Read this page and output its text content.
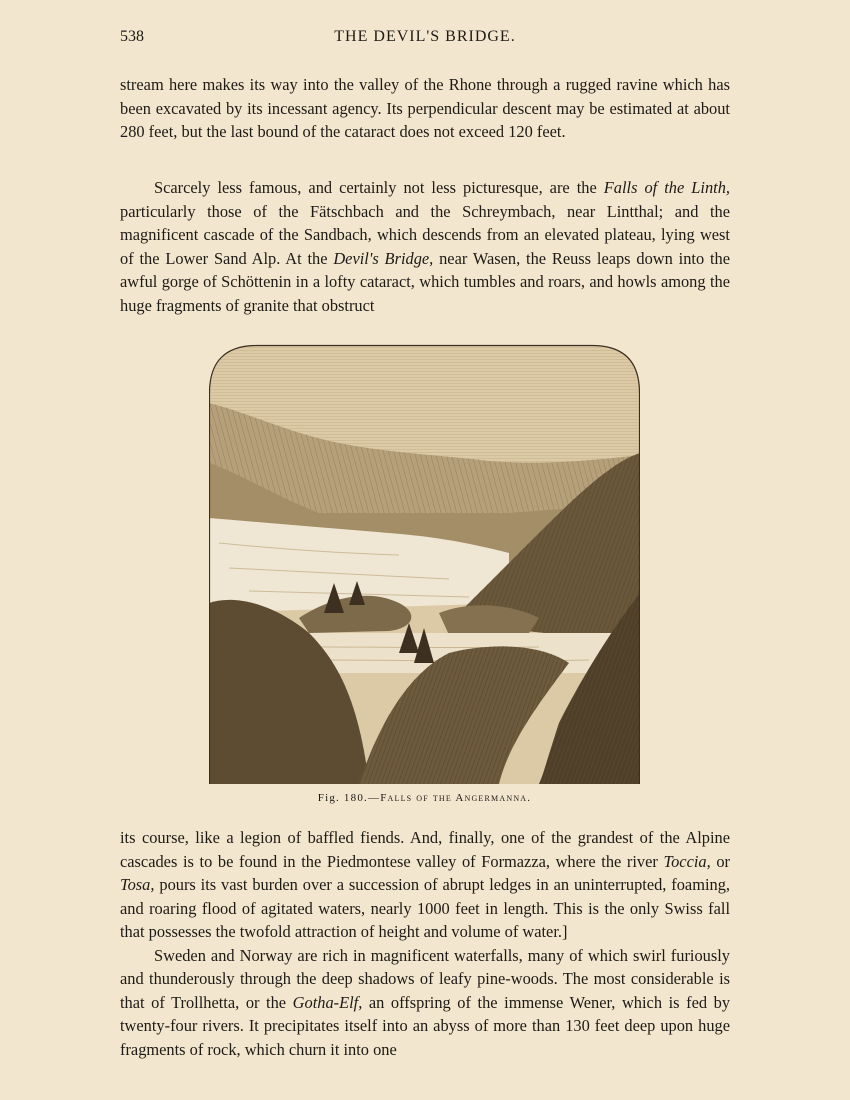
538	THE DEVIL'S BRIDGE.

stream here makes its way into the valley of the Rhone through a rugged ravine which has been excavated by its incessant agency. Its perpendicular descent may be estimated at about 280 feet, but the last bound of the cataract does not exceed 120 feet.

Scarcely less famous, and certainly not less picturesque, are the Falls of the Linth, particularly those of the Fätschbach and the Schreymbach, near Lintthal; and the magnificent cascade of the Sandbach, which descends from an elevated plateau, lying west of the Lower Sand Alp. At the Devil's Bridge, near Wasen, the Reuss leaps down into the awful gorge of Schöttenin in a lofty cataract, which tumbles and roars, and howls among the huge fragments of granite that obstruct

Fig. 180.—Falls of the Angermanna.

its course, like a legion of baffled fiends. And, finally, one of the grandest of the Alpine cascades is to be found in the Piedmontese valley of Formazza, where the river Toccia, or Tosa, pours its vast burden over a succession of abrupt ledges in an uninterrupted, foaming, and roaring flood of agitated waters, nearly 1000 feet in length. This is the only Swiss fall that possesses the twofold attraction of height and volume of water.]

Sweden and Norway are rich in magnificent waterfalls, many of which swirl furiously and thunderously through the deep shadows of leafy pine-woods. The most considerable is that of Trollhetta, or the Gotha-Elf, an offspring of the immense Wener, which is fed by twenty-four rivers. It precipitates itself into an abyss of more than 130 feet deep upon huge fragments of rock, which churn it into one
